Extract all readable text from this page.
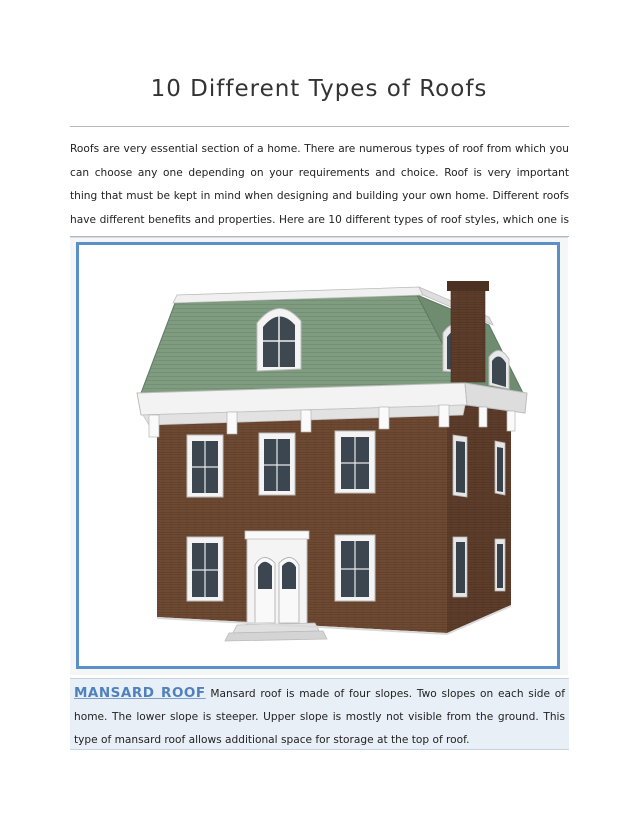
10 Different Types of Roofs
Roofs are very essential section of a home. There are numerous types of roof from which you can choose any one depending on your requirements and choice. Roof is very important thing that must be kept in mind when designing and building your own home. Different roofs have different benefits and properties. Here are 10 different types of roof styles, which one is
MANSARD ROOF Mansard roof is made of four slopes. Two slopes on each side of home. The lower slope is steeper. Upper slope is mostly not visible from the ground. This type of mansard roof allows additional space for storage at the top of roof.
